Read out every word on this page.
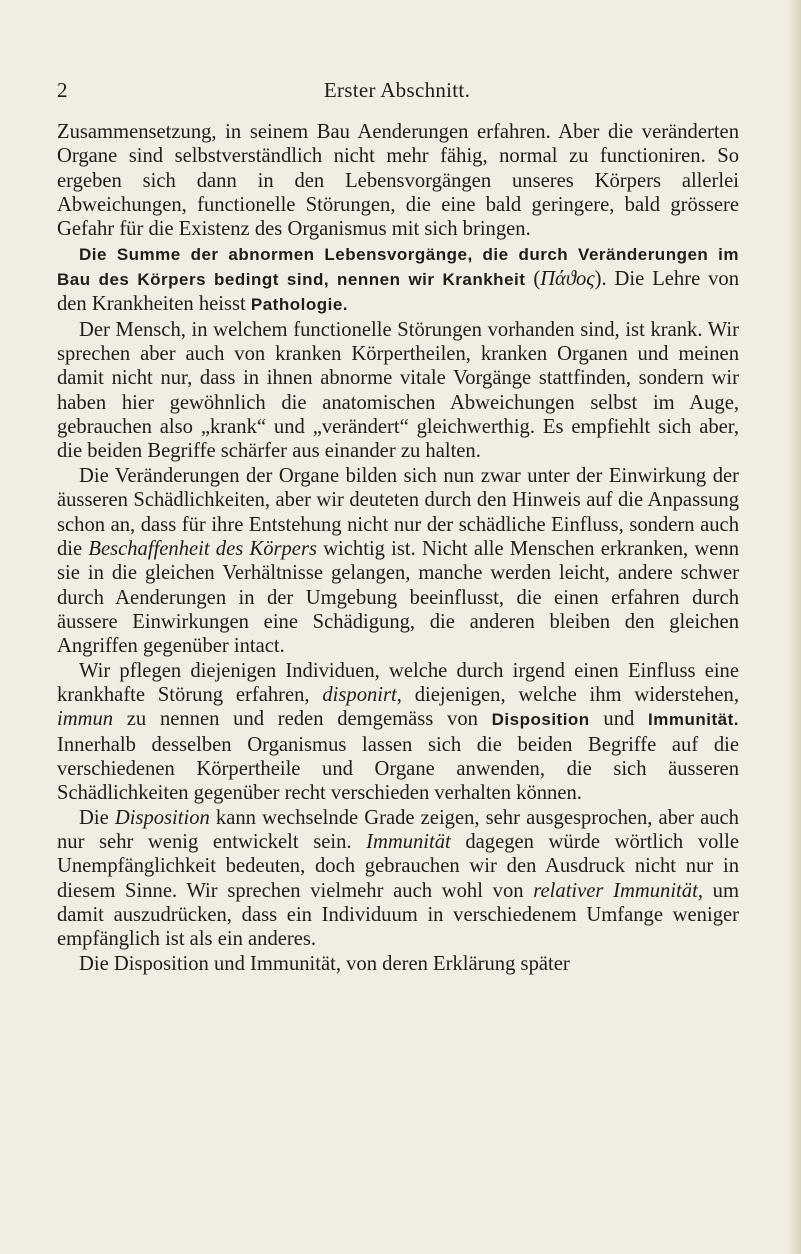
2	Erster Abschnitt.

Zusammensetzung, in seinem Bau Aenderungen erfahren. Aber die veränderten Organe sind selbstverständlich nicht mehr fähig, normal zu functioniren. So ergeben sich dann in den Lebensvorgängen unseres Körpers allerlei Abweichungen, functionelle Störungen, die eine bald geringere, bald grössere Gefahr für die Existenz des Organismus mit sich bringen.

Die Summe der abnormen Lebensvorgänge, die durch Veränderungen im Bau des Körpers bedingt sind, nennen wir Krankheit (Πάϑος). Die Lehre von den Krankheiten heisst Pathologie.

Der Mensch, in welchem functionelle Störungen vorhanden sind, ist krank. Wir sprechen aber auch von kranken Körpertheilen, kranken Organen und meinen damit nicht nur, dass in ihnen abnorme vitale Vorgänge stattfinden, sondern wir haben hier gewöhnlich die anatomischen Abweichungen selbst im Auge, gebrauchen also „krank“ und „verändert“ gleichwerthig. Es empfiehlt sich aber, die beiden Begriffe schärfer aus einander zu halten.

Die Veränderungen der Organe bilden sich nun zwar unter der Einwirkung der äusseren Schädlichkeiten, aber wir deuteten durch den Hinweis auf die Anpassung schon an, dass für ihre Entstehung nicht nur der schädliche Einfluss, sondern auch die Beschaffenheit des Körpers wichtig ist. Nicht alle Menschen erkranken, wenn sie in die gleichen Verhältnisse gelangen, manche werden leicht, andere schwer durch Aenderungen in der Umgebung beeinflusst, die einen erfahren durch äussere Einwirkungen eine Schädigung, die anderen bleiben den gleichen Angriffen gegenüber intact.

Wir pflegen diejenigen Individuen, welche durch irgend einen Einfluss eine krankhafte Störung erfahren, disponirt, diejenigen, welche ihm widerstehen, immun zu nennen und reden demgemäss von Disposition und Immunität. Innerhalb desselben Organismus lassen sich die beiden Begriffe auf die verschiedenen Körpertheile und Organe anwenden, die sich äusseren Schädlichkeiten gegenüber recht verschieden verhalten können.

Die Disposition kann wechselnde Grade zeigen, sehr ausgesprochen, aber auch nur sehr wenig entwickelt sein. Immunität dagegen würde wörtlich volle Unempfänglichkeit bedeuten, doch gebrauchen wir den Ausdruck nicht nur in diesem Sinne. Wir sprechen vielmehr auch wohl von relativer Immunität, um damit auszudrücken, dass ein Individuum in verschiedenem Umfange weniger empfänglich ist als ein anderes.

Die Disposition und Immunität, von deren Erklärung später
